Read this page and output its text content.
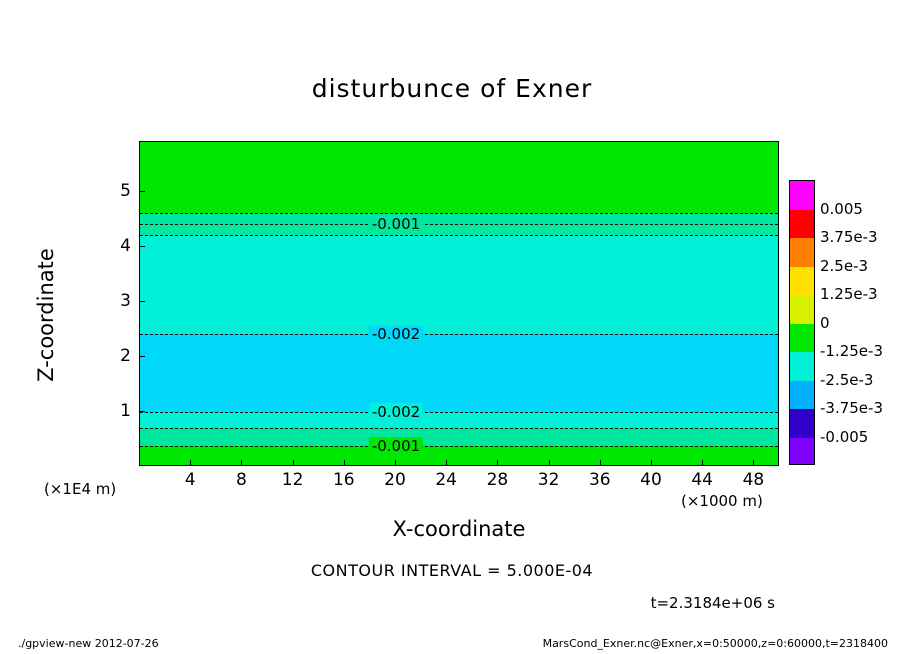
disturbunce of Exner
-0.001
-0.002
-0.002
-0.001
Z-coordinate
X-coordinate
(×1E4 m)
(×1000 m)
4 8 12 16 20 24 28 32 36 40 44 48
1
2
3
4
5
0.005
3.75e-3
2.5e-3
1.25e-3
0
-1.25e-3
-2.5e-3
-3.75e-3
-0.005
CONTOUR INTERVAL = 5.000E-04
t=2.3184e+06 s
./gpview-new 2012-07-26	MarsCond_Exner.nc@Exner,x=0:50000,z=0:60000,t=2318400
